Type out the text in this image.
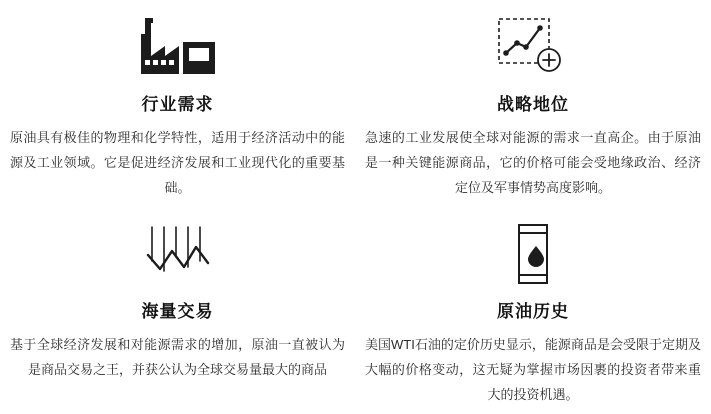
行业需求
原油具有极佳的物理和化学特性，适用于经济活动中的能源及工业领域。它是促进经济发展和工业现代化的重要基础。
战略地位
急速的工业发展使全球对能源的需求一直高企。由于原油是一种关键能源商品，它的价格可能会受地缘政治、经济定位及军事情势高度影响。
海量交易
基于全球经济发展和对能源需求的增加，原油一直被认为是商品交易之王，并获公认为全球交易量最大的商品
原油历史
美国WTI石油的定价历史显示，能源商品是会受限于定期及大幅的价格变动，这无疑为掌握市场因裹的投资者带来重大的投资机遇。
